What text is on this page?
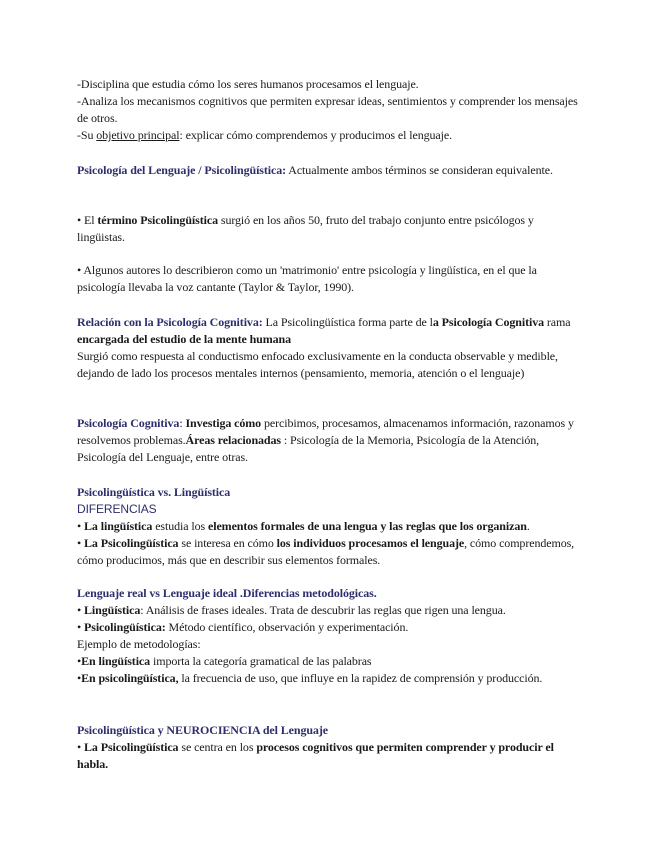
-Disciplina que estudia cómo los seres humanos procesamos el lenguaje.

-Analiza los mecanismos cognitivos que permiten expresar ideas, sentimientos y comprender los mensajes de otros.

-Su objetivo principal: explicar cómo comprendemos y producimos el lenguaje.

Psicología del Lenguaje / Psicolingüística: Actualmente ambos términos se consideran equivalente.

• El término Psicolingüística surgió en los años 50, fruto del trabajo conjunto entre psicólogos y lingüistas.

• Algunos autores lo describieron como un 'matrimonio' entre psicología y lingüística, en el que la psicología llevaba la voz cantante (Taylor & Taylor, 1990).

Relación con la Psicología Cognitiva: La Psicolingüística forma parte de la Psicología Cognitiva rama encargada del estudio de la mente humana

Surgió como respuesta al conductismo enfocado exclusivamente en la conducta observable y medible, dejando de lado los procesos mentales internos (pensamiento, memoria, atención o el lenguaje)

Psicología Cognitiva: Investiga cómo percibimos, procesamos, almacenamos información, razonamos y resolvemos problemas.Áreas relacionadas : Psicología de la Memoria, Psicología de la Atención, Psicología del Lenguaje, entre otras.

Psicolingüística vs. Lingüística

DIFERENCIAS

• La lingüística estudia los elementos formales de una lengua y las reglas que los organizan.

• La Psicolingüística se interesa en cómo los individuos procesamos el lenguaje, cómo comprendemos, cómo producimos, más que en describir sus elementos formales.

Lenguaje real vs Lenguaje ideal .Diferencias metodológicas.

• Lingüística: Análisis de frases ideales. Trata de descubrir las reglas que rigen una lengua.

• Psicolingüística: Método científico, observación y experimentación.

Ejemplo de metodologías:

•En lingüística importa la categoría gramatical de las palabras

•En psicolingüística, la frecuencia de uso, que influye en la rapidez de comprensión y producción.

Psicolingüística y NEUROCIENCIA del Lenguaje

• La Psicolingüística se centra en los procesos cognitivos que permiten comprender y producir el habla.
